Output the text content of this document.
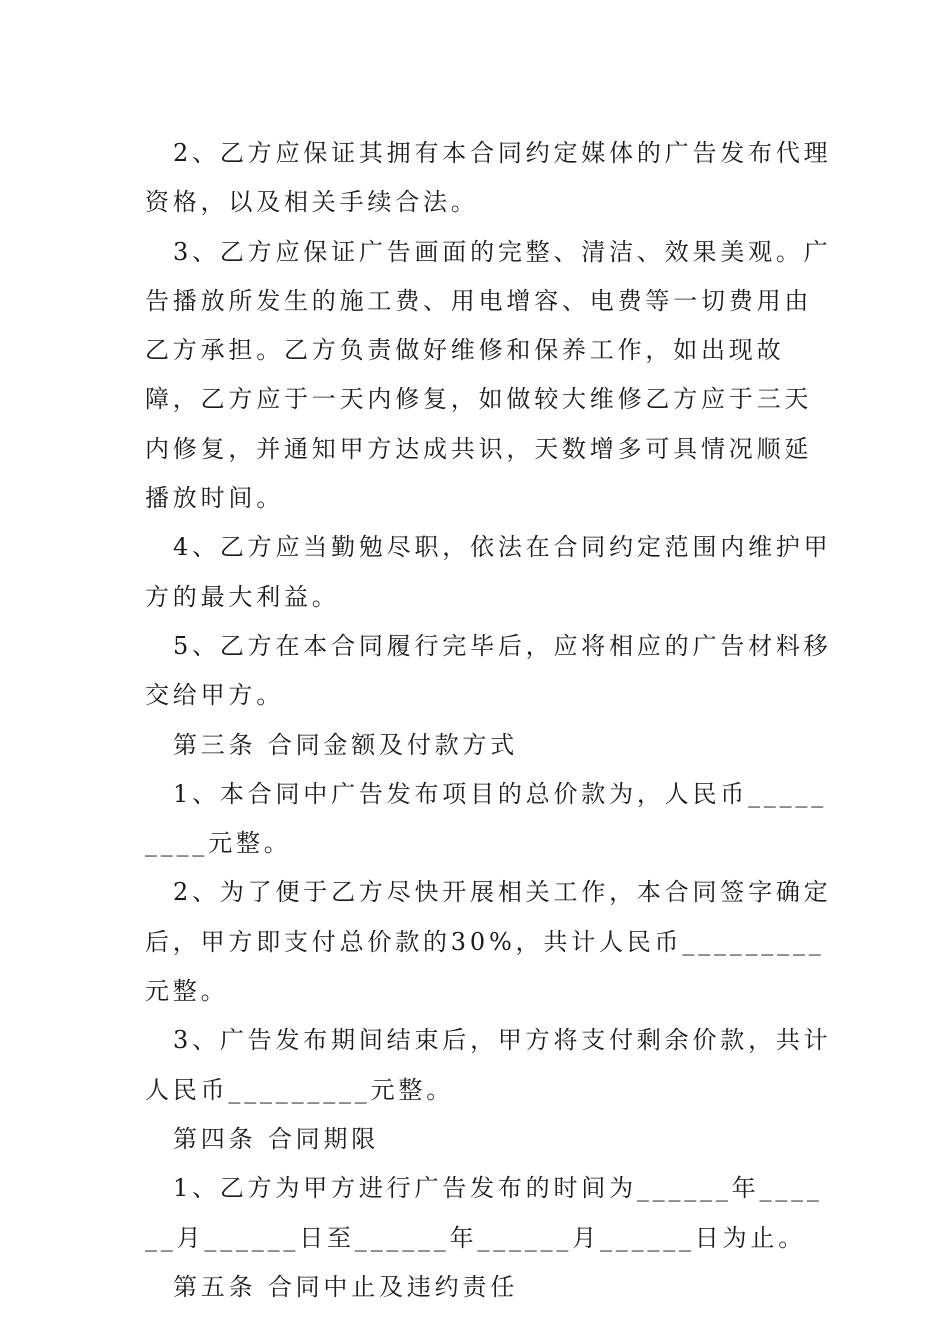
2、乙方应保证其拥有本合同约定媒体的广告发布代理资格，以及相关手续合法。

3、乙方应保证广告画面的完整、清洁、效果美观。广告播放所发生的施工费、用电增容、电费等一切费用由乙方承担。乙方负责做好维修和保养工作，如出现故障，乙方应于一天内修复，如做较大维修乙方应于三天内修复，并通知甲方达成共识，天数增多可具情况顺延播放时间。

4、乙方应当勤勉尽职，依法在合同约定范围内维护甲方的最大利益。

5、乙方在本合同履行完毕后，应将相应的广告材料移交给甲方。

第三条 合同金额及付款方式

1、本合同中广告发布项目的总价款为，人民币_________元整。

2、为了便于乙方尽快开展相关工作，本合同签字确定后，甲方即支付总价款的30%，共计人民币_________元整。

3、广告发布期间结束后，甲方将支付剩余价款，共计人民币_________元整。

第四条 合同期限

1、乙方为甲方进行广告发布的时间为______年______月______日至______年______月______日为止。

第五条 合同中止及违约责任
